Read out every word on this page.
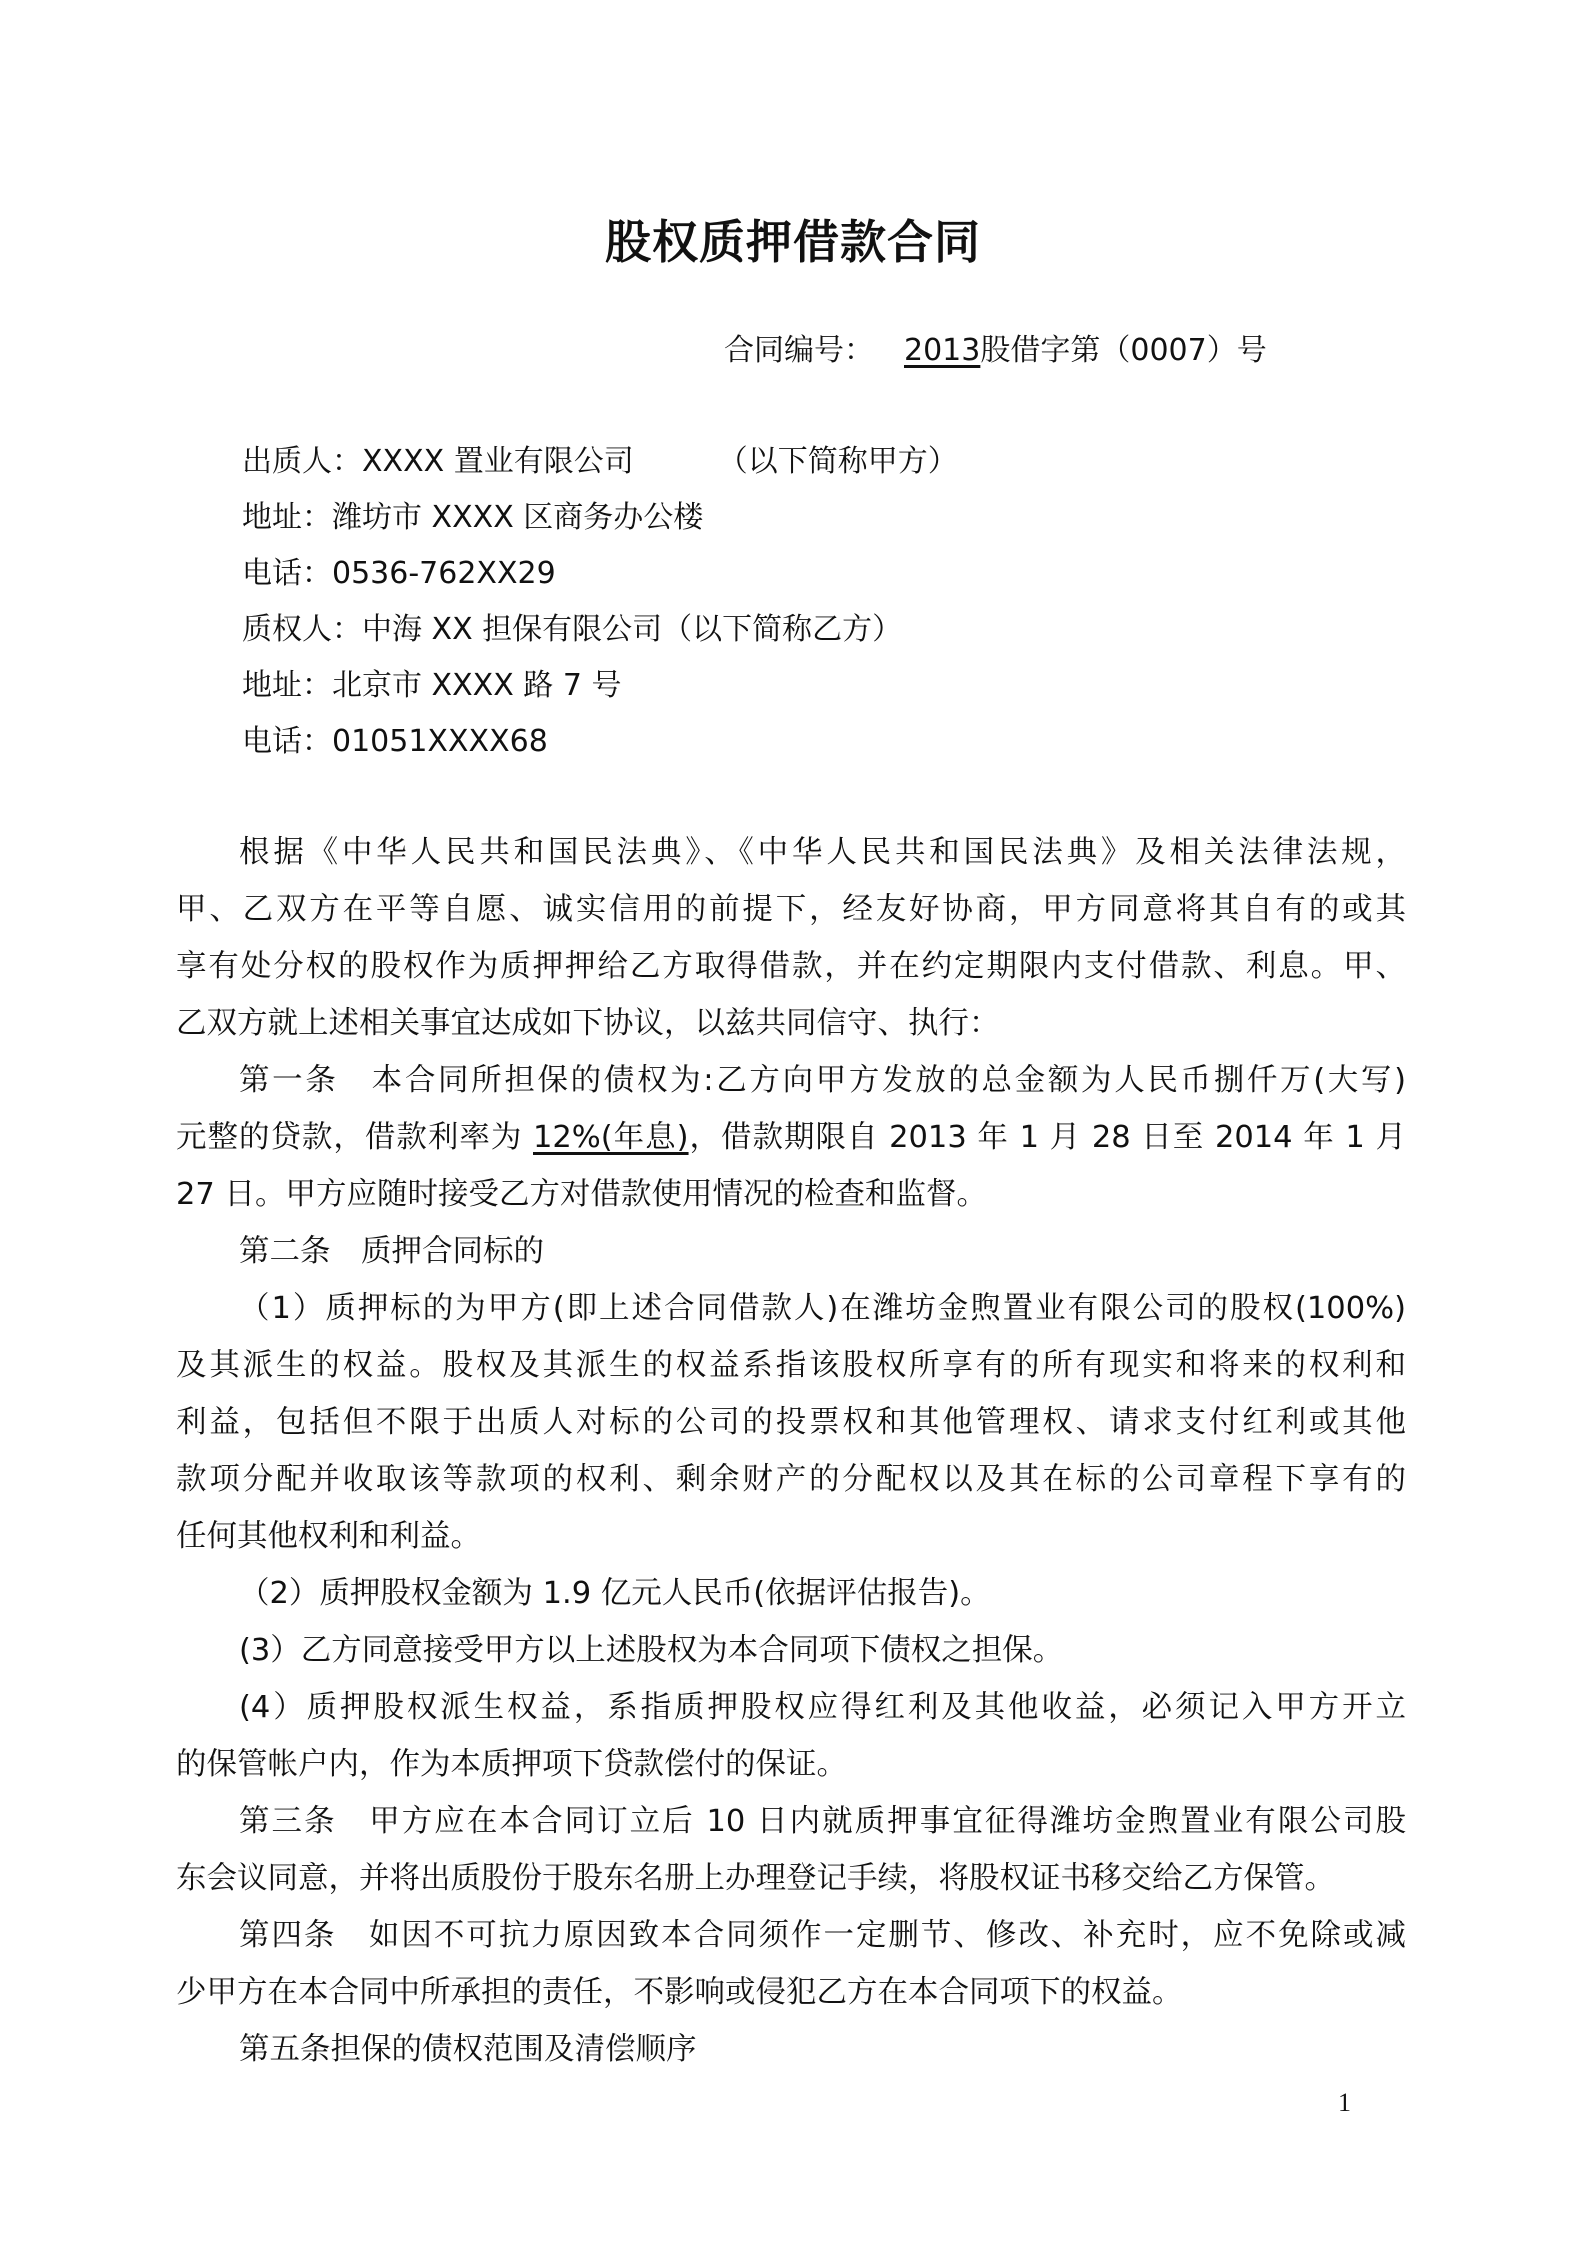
股权质押借款合同
合同编号： 2013股借字第（0007）号
出质人：XXXX 置业有限公司	（以下简称甲方）
地址：潍坊市 XXXX 区商务办公楼
电话：0536-762XX29
质权人：中海 XX 担保有限公司（以下简称乙方）
地址：北京市 XXXX 路 7 号
电话：01051XXXX68
根据《中华人民共和国民法典》、《中华人民共和国民法典》及相关法律法规，
甲、乙双方在平等自愿、诚实信用的前提下，经友好协商，甲方同意将其自有的或其
享有处分权的股权作为质押押给乙方取得借款，并在约定期限内支付借款、利息。甲、
乙双方就上述相关事宜达成如下协议，以兹共同信守、执行：
第一条　本合同所担保的债权为:乙方向甲方发放的总金额为人民币捌仟万(大写)
元整的贷款，借款利率为 12%(年息)，借款期限自 2013 年 1 月 28 日至 2014 年 1 月
27 日。甲方应随时接受乙方对借款使用情况的检查和监督。
第二条　质押合同标的
（1）质押标的为甲方(即上述合同借款人)在潍坊金煦置业有限公司的股权(100%)
及其派生的权益。股权及其派生的权益系指该股权所享有的所有现实和将来的权利和
利益，包括但不限于出质人对标的公司的投票权和其他管理权、请求支付红利或其他
款项分配并收取该等款项的权利、剩余财产的分配权以及其在标的公司章程下享有的
任何其他权利和利益。
（2）质押股权金额为 1.9 亿元人民币(依据评估报告)。
(3）乙方同意接受甲方以上述股权为本合同项下债权之担保。
(4）质押股权派生权益，系指质押股权应得红利及其他收益，必须记入甲方开立
的保管帐户内，作为本质押项下贷款偿付的保证。
第三条　甲方应在本合同订立后 10 日内就质押事宜征得潍坊金煦置业有限公司股
东会议同意，并将出质股份于股东名册上办理登记手续，将股权证书移交给乙方保管。
第四条　如因不可抗力原因致本合同须作一定删节、修改、补充时，应不免除或减
少甲方在本合同中所承担的责任，不影响或侵犯乙方在本合同项下的权益。
第五条担保的债权范围及清偿顺序
1
